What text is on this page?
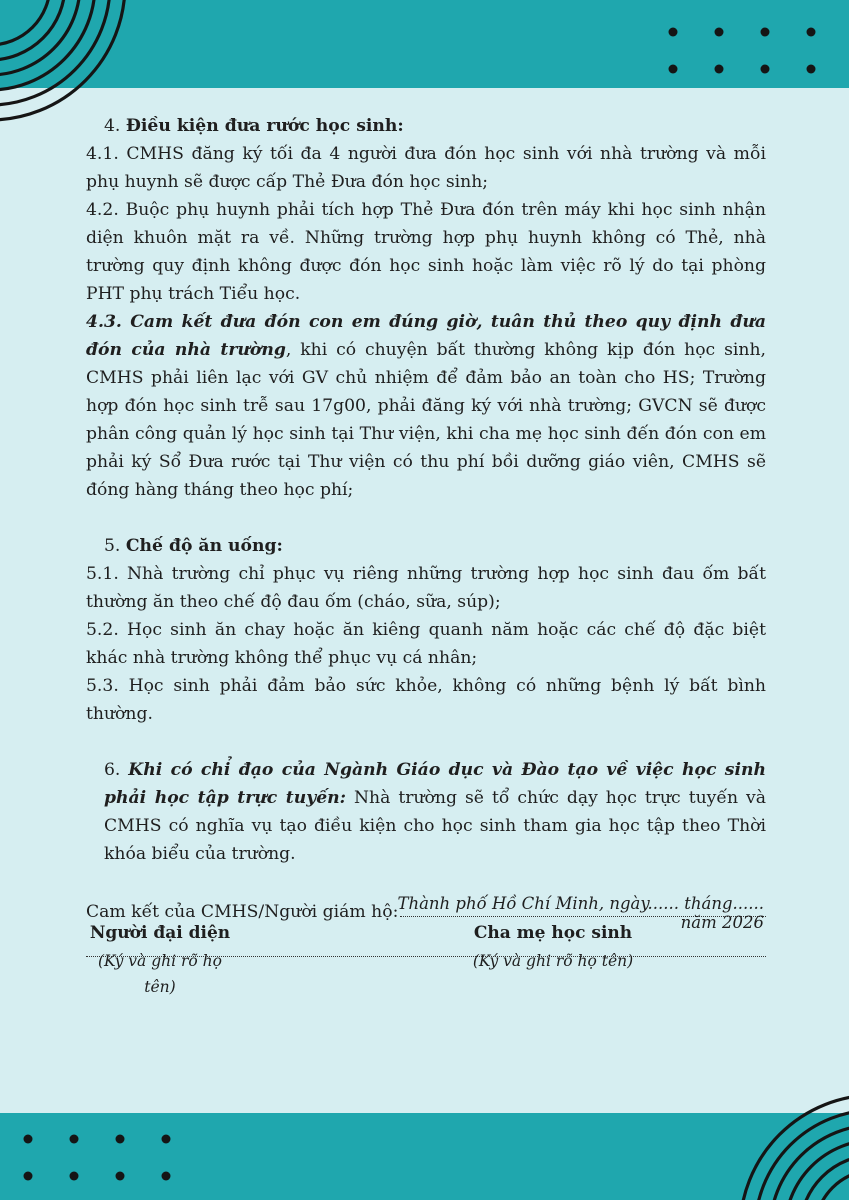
4. Điều kiện đưa rước học sinh:

4.1. CMHS đăng ký tối đa 4 người đưa đón học sinh với nhà trường và mỗi phụ huynh sẽ được cấp Thẻ Đưa đón học sinh;

4.2. Buộc phụ huynh phải tích hợp Thẻ Đưa đón trên máy khi học sinh nhận diện khuôn mặt ra về. Những trường hợp phụ huynh không có Thẻ, nhà trường quy định không được đón học sinh hoặc làm việc rõ lý do tại phòng PHT phụ trách Tiểu học.

4.3. Cam kết đưa đón con em đúng giờ, tuân thủ theo quy định đưa đón của nhà trường, khi có chuyện bất thường không kịp đón học sinh, CMHS phải liên lạc với GV chủ nhiệm để đảm bảo an toàn cho HS; Trường hợp đón học sinh trễ sau 17g00, phải đăng ký với nhà trường; GVCN sẽ được phân công quản lý học sinh tại Thư viện, khi cha mẹ học sinh đến đón con em phải ký Sổ Đưa rước tại Thư viện có thu phí bồi dưỡng giáo viên, CMHS sẽ đóng hàng tháng theo học phí;

5. Chế độ ăn uống:

5.1. Nhà trường chỉ phục vụ riêng những trường hợp học sinh đau ốm bất thường ăn theo chế độ đau ốm (cháo, sữa, súp);

5.2. Học sinh ăn chay hoặc ăn kiêng quanh năm hoặc các chế độ đặc biệt khác nhà trường không thể phục vụ cá nhân;

5.3. Học sinh phải đảm bảo sức khỏe, không có những bệnh lý bất bình thường.

6. Khi có chỉ đạo của Ngành Giáo dục và Đào tạo về việc học sinh phải học tập trực tuyến: Nhà trường sẽ tổ chức dạy học trực tuyến và CMHS có nghĩa vụ tạo điều kiện cho học sinh tham gia học tập theo Thời khóa biểu của trường.

Cam kết của CMHS/Người giám hộ: Thành phố Hồ Chí Minh, ngày...... tháng...... năm 2026
Người đại diện
(Ký và ghi rõ họ tên)
Cha mẹ học sinh
(Ký và ghi rõ họ tên)
